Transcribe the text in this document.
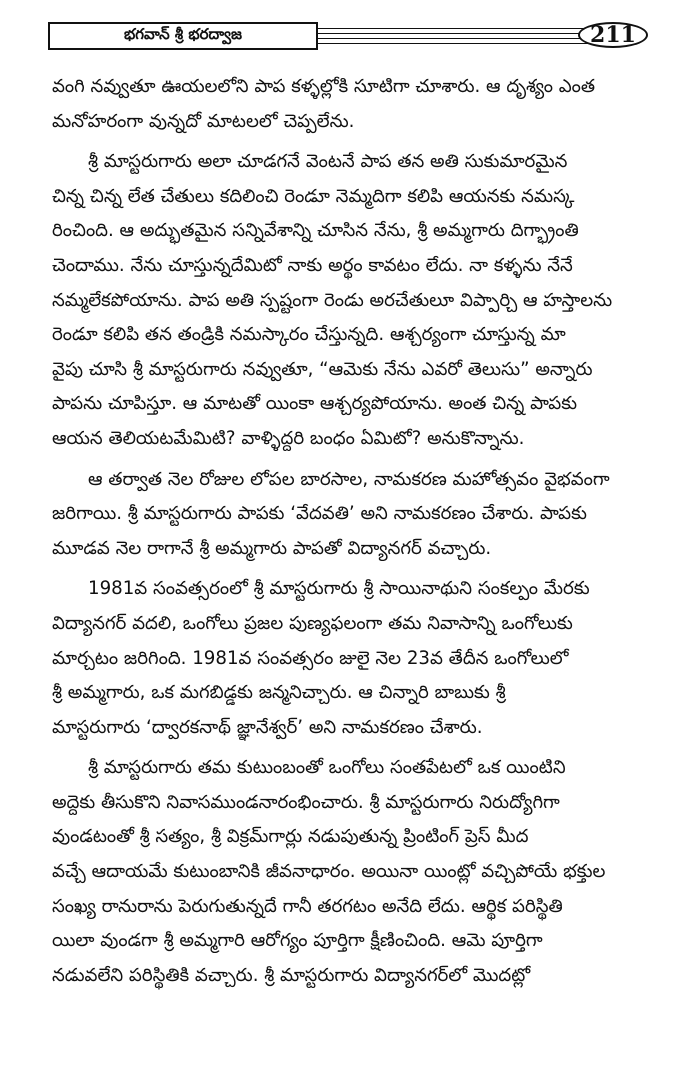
భగవాన్ శ్రీ భరద్వాజ	211
వంగి నవ్వుతూ ఊయలలోని పాప కళ్ళల్లోకి సూటిగా చూశారు. ఆ దృశ్యం ఎంత
మనోహరంగా వున్నదో మాటలలో చెప్పలేను.
శ్రీ మాస్టరుగారు అలా చూడగనే వెంటనే పాప తన అతి సుకుమారమైన
చిన్న చిన్న లేత చేతులు కదిలించి రెండూ నెమ్మదిగా కలిపి ఆయనకు నమస్క
రించింది. ఆ అద్భుతమైన సన్నివేశాన్ని చూసిన నేను, శ్రీ అమ్మగారు దిగ్భ్రాంతి
చెందాము. నేను చూస్తున్నదేమిటో నాకు అర్థం కావటం లేదు. నా కళ్ళను నేనే
నమ్మలేకపోయాను. పాప అతి స్పష్టంగా రెండు అరచేతులూ విప్పార్చి ఆ హస్తాలను
రెండూ కలిపి తన తండ్రికి నమస్కారం చేస్తున్నది. ఆశ్చర్యంగా చూస్తున్న మా
వైపు చూసి శ్రీ మాస్టరుగారు నవ్వుతూ, “ఆమెకు నేను ఎవరో తెలుసు” అన్నారు
పాపను చూపిస్తూ. ఆ మాటతో యింకా ఆశ్చర్యపోయాను. అంత చిన్న పాపకు
ఆయన తెలియటమేమిటి? వాళ్ళిద్దరి బంధం ఏమిటో? అనుకొన్నాను.
ఆ తర్వాత నెల రోజుల లోపల బారసాల, నామకరణ మహోత్సవం వైభవంగా
జరిగాయి. శ్రీ మాస్టరుగారు పాపకు ‘వేదవతి’ అని నామకరణం చేశారు. పాపకు
మూడవ నెల రాగానే శ్రీ అమ్మగారు పాపతో విద్యానగర్ వచ్చారు.
1981వ సంవత్సరంలో శ్రీ మాస్టరుగారు శ్రీ సాయినాథుని సంకల్పం మేరకు
విద్యానగర్ వదలి, ఒంగోలు ప్రజల పుణ్యఫలంగా తమ నివాసాన్ని ఒంగోలుకు
మార్చటం జరిగింది. 1981వ సంవత్సరం జులై నెల 23వ తేదీన ఒంగోలులో
శ్రీ అమ్మగారు, ఒక మగబిడ్డకు జన్మనిచ్చారు. ఆ చిన్నారి బాబుకు శ్రీ
మాస్టరుగారు ‘ద్వారకనాథ్ జ్ఞానేశ్వర్’ అని నామకరణం చేశారు.
శ్రీ మాస్టరుగారు తమ కుటుంబంతో ఒంగోలు సంతపేటలో ఒక యింటిని
అద్దెకు తీసుకొని నివాసముండనారంభించారు. శ్రీ మాస్టరుగారు నిరుద్యోగిగా
వుండటంతో శ్రీ సత్యం, శ్రీ విక్రమ్‌గార్లు నడుపుతున్న ప్రింటింగ్ ప్రెస్ మీద
వచ్చే ఆదాయమే కుటుంబానికి జీవనాధారం. అయినా యింట్లో వచ్చిపోయే భక్తుల
సంఖ్య రానురాను పెరుగుతున్నదే గానీ తరగటం అనేది లేదు. ఆర్థిక పరిస్థితి
యిలా వుండగా శ్రీ అమ్మగారి ఆరోగ్యం పూర్తిగా క్షీణించింది. ఆమె పూర్తిగా
నడువలేని పరిస్థితికి వచ్చారు. శ్రీ మాస్టరుగారు విద్యానగర్‌లో మొదట్లో
